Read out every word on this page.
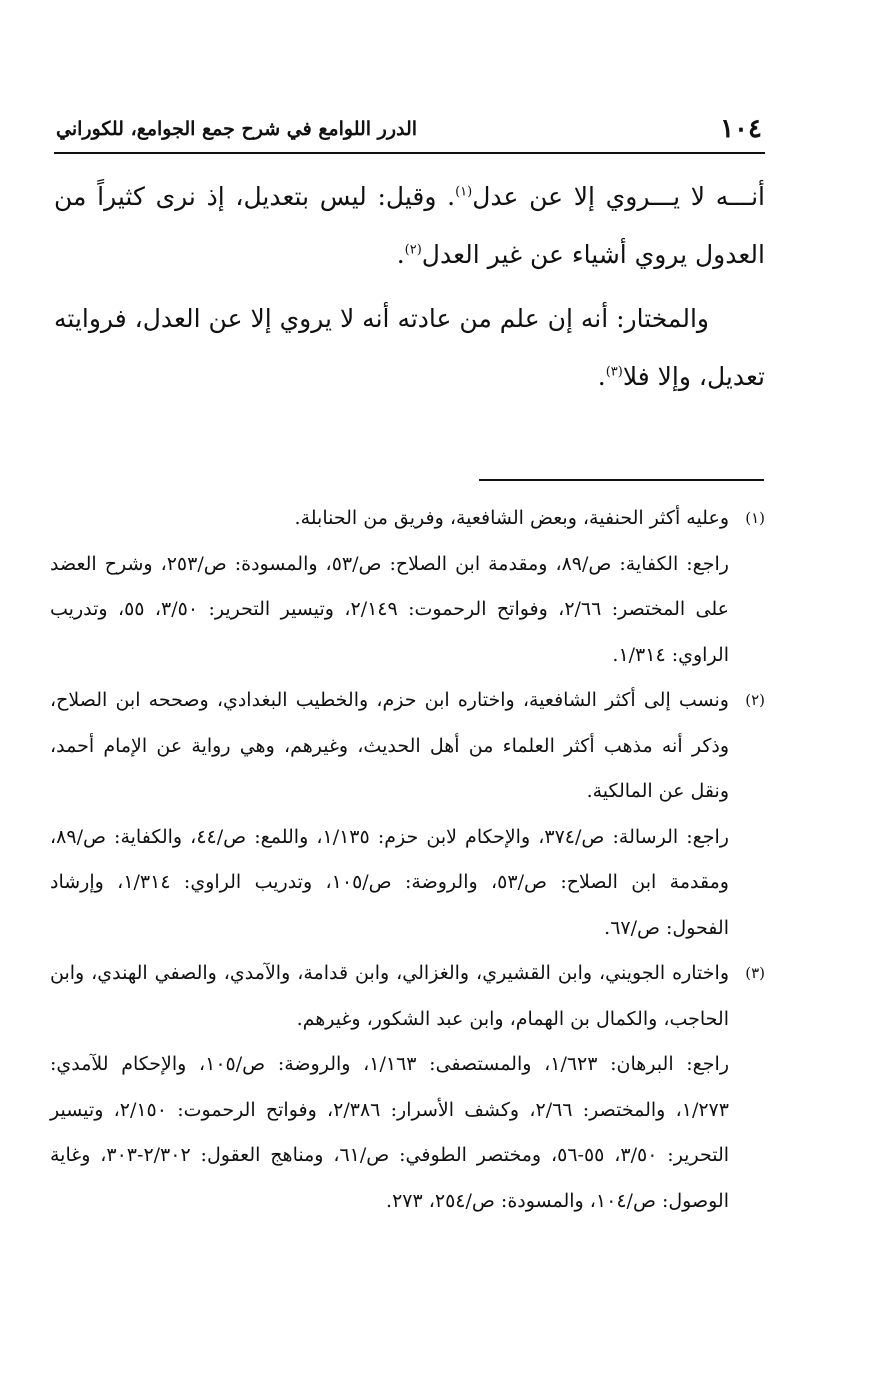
١٠٤
الدرر اللوامع في شرح جمع الجوامع، للكوراني

أنـــه لا يـــروي إلا عن عدل$^{(١)}$. وقيل: ليس بتعديل، إذ نرى كثيراً من العدول يروي أشياء عن غير العدل$^{(٢)}$.

والمختار: أنه إن علم من عادته أنه لا يروي إلا عن العدل، فروايته تعديل، وإلا فلا$^{(٣)}$.

(١)

وعليه أكثر الحنفية، وبعض الشافعية، وفريق من الحنابلة.

راجع: الكفاية: ص/٨٩، ومقدمة ابن الصلاح: ص/٥٣، والمسودة: ص/٢٥٣، وشرح العضد على المختصر: ٢/٦٦، وفواتح الرحموت: ٢/١٤٩، وتيسير التحرير: ٣/٥٠، ٥٥، وتدريب الراوي: ١/٣١٤.

(٢)

ونسب إلى أكثر الشافعية، واختاره ابن حزم، والخطيب البغدادي، وصححه ابن الصلاح، وذكر أنه مذهب أكثر العلماء من أهل الحديث، وغيرهم، وهي رواية عن الإمام أحمد، ونقل عن المالكية.

راجع: الرسالة: ص/٣٧٤، والإحكام لابن حزم: ١/١٣٥، واللمع: ص/٤٤، والكفاية: ص/٨٩، ومقدمة ابن الصلاح: ص/٥٣، والروضة: ص/١٠٥، وتدريب الراوي: ١/٣١٤، وإرشاد الفحول: ص/٦٧.

(٣)

واختاره الجويني، وابن القشيري، والغزالي، وابن قدامة، والآمدي، والصفي الهندي، وابن الحاجب، والكمال بن الهمام، وابن عبد الشكور، وغيرهم.

راجع: البرهان: ١/٦٢٣، والمستصفى: ١/١٦٣، والروضة: ص/١٠٥، والإحكام للآمدي: ١/٢٧٣، والمختصر: ٢/٦٦، وكشف الأسرار: ٢/٣٨٦، وفواتح الرحموت: ٢/١٥٠، وتيسير التحرير: ٣/٥٠، ٥٥-٥٦، ومختصر الطوفي: ص/٦١، ومناهج العقول: ٢/٣٠٢-٣٠٣، وغاية الوصول: ص/١٠٤، والمسودة: ص/٢٥٤، ٢٧٣.
